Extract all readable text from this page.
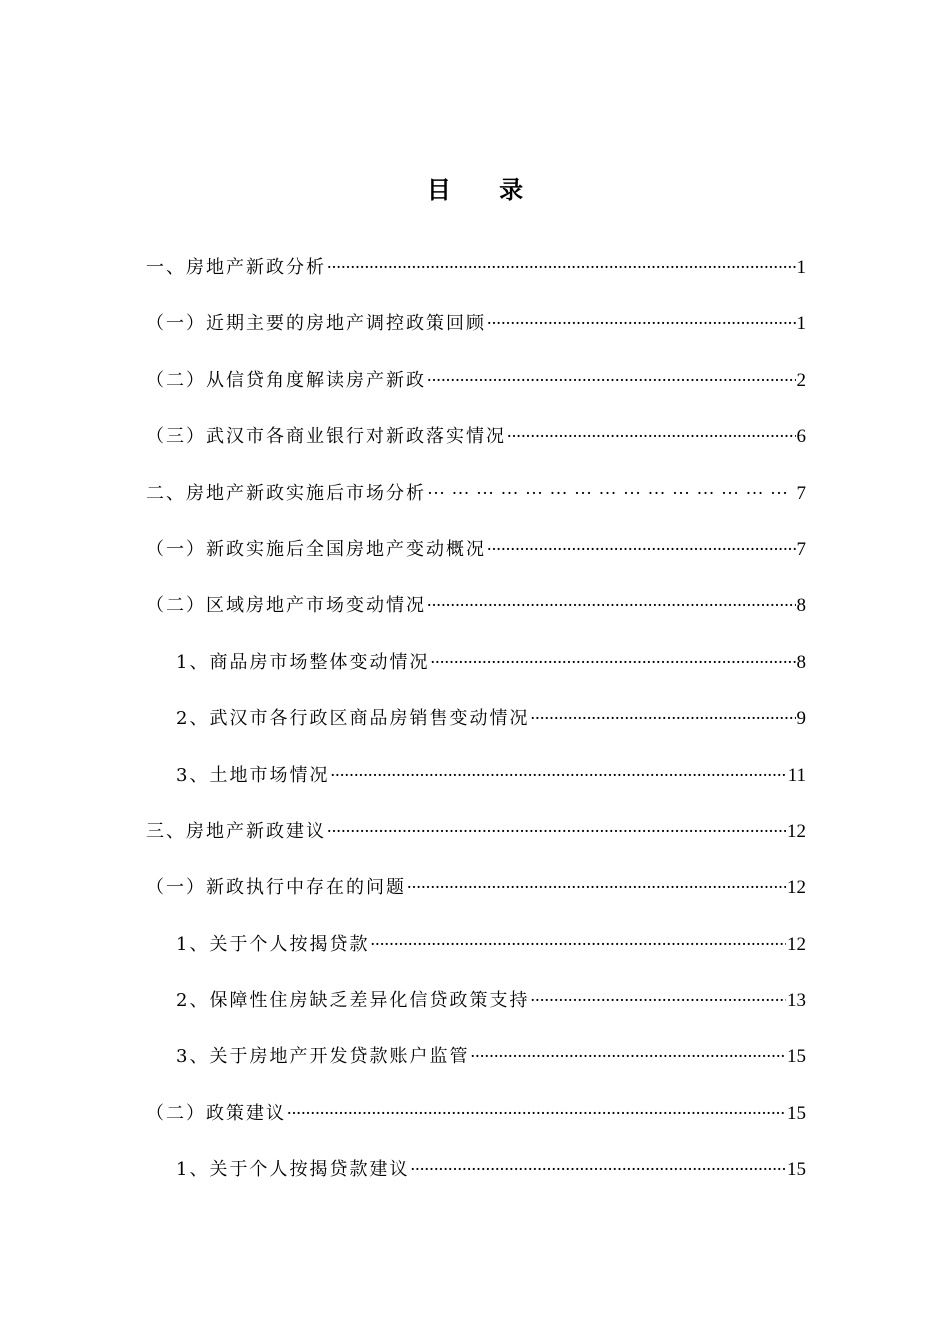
目 录
一、房地产新政分析 .....	1
（一）近期主要的房地产调控政策回顾 .....	1
（二）从信贷角度解读房产新政 .....	2
（三）武汉市各商业银行对新政落实情况 .....	6
二、房地产新政实施后市场分析 … … … … … … … … … … … … … … … … … … … … … … … … … … … …	7
（一）新政实施后全国房地产变动概况 .....	7
（二）区域房地产市场变动情况 .....	8
1、商品房市场整体变动情况 .....	8
2、武汉市各行政区商品房销售变动情况 .....	9
3、土地市场情况 .....	11
三、房地产新政建议 .....	12
（一）新政执行中存在的问题 .....	12
1、关于个人按揭贷款 .....	12
2、保障性住房缺乏差异化信贷政策支持 .....	13
3、关于房地产开发贷款账户监管 .....	15
（二）政策建议 .....	15
1、关于个人按揭贷款建议 .....	15
